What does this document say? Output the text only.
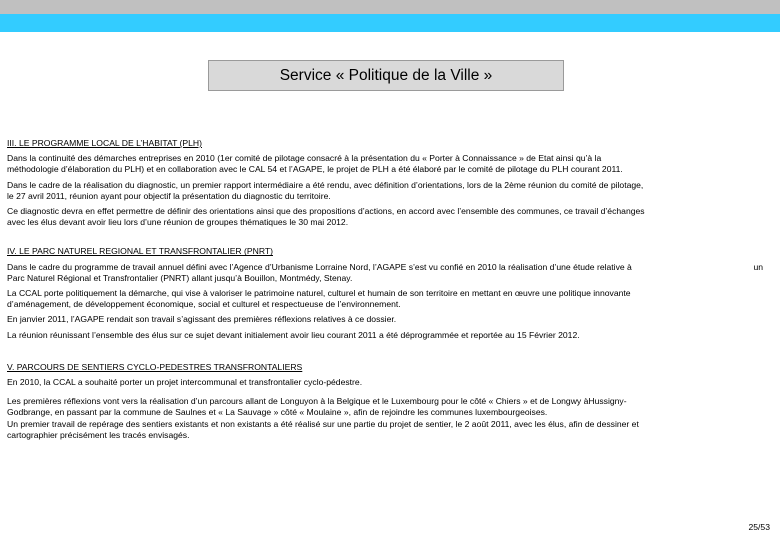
Service « Politique de la Ville »
III. LE PROGRAMME LOCAL DE L’HABITAT (PLH)
Dans la continuité des démarches entreprises en 2010 (1er comité de pilotage consacré à la présentation du « Porter à Connaissance » de Etat ainsi qu’à la
méthodologie d’élaboration du PLH) et en collaboration avec le CAL 54 et l’AGAPE, le projet de PLH a été élaboré par le comité de pilotage du PLH courant 2011.
Dans le cadre de la réalisation du diagnostic, un premier rapport intermédiaire a été rendu, avec définition d’orientations, lors de la 2ème réunion du comité de pilotage,
le 27 avril 2011, réunion ayant pour objectif la présentation du diagnostic du territoire.
Ce diagnostic devra en effet permettre de définir des orientations ainsi que des propositions d’actions, en accord avec l’ensemble des communes, ce travail d’échanges
avec les élus devant avoir lieu lors d’une réunion de groupes thématiques le 30 mai 2012.
IV. LE PARC NATUREL REGIONAL ET TRANSFRONTALIER (PNRT)
Dans le cadre du programme de travail annuel défini avec l’Agence d’Urbanisme Lorraine Nord, l’AGAPE s’est vu confié en 2010 la réalisation d’une étude relative à	un
Parc Naturel Régional et Transfrontalier (PNRT) allant jusqu’à Bouillon, Montmédy, Stenay.
La CCAL porte politiquement la démarche, qui vise à valoriser le patrimoine naturel, culturel et humain de son territoire en mettant en œuvre une politique innovante
d’aménagement, de développement économique, social et culturel et respectueuse de l’environnement.
En janvier 2011, l’AGAPE rendait son travail s’agissant des premières réflexions relatives à ce dossier.
La réunion réunissant l’ensemble des élus sur ce sujet devant initialement avoir lieu courant 2011 a été déprogrammée et reportée au 15 Février 2012.
V. PARCOURS DE SENTIERS CYCLO-PEDESTRES TRANSFRONTALIERS
En 2010, la CCAL a souhaité porter un projet intercommunal et transfrontalier cyclo-pédestre.
Les premières réflexions vont vers la réalisation d’un parcours allant de Longuyon à la Belgique et le Luxembourg pour le côté « Chiers » et de Longwy àHussigny-
Godbrange, en passant par la commune de Saulnes et « La Sauvage » côté « Moulaine », afin de rejoindre les communes luxembourgeoises.
Un premier travail de repérage des sentiers existants et non existants a été réalisé sur une partie du projet de sentier, le 2 août 2011, avec les élus, afin de dessiner et
cartographier précisément les tracés envisagés.
25/53
